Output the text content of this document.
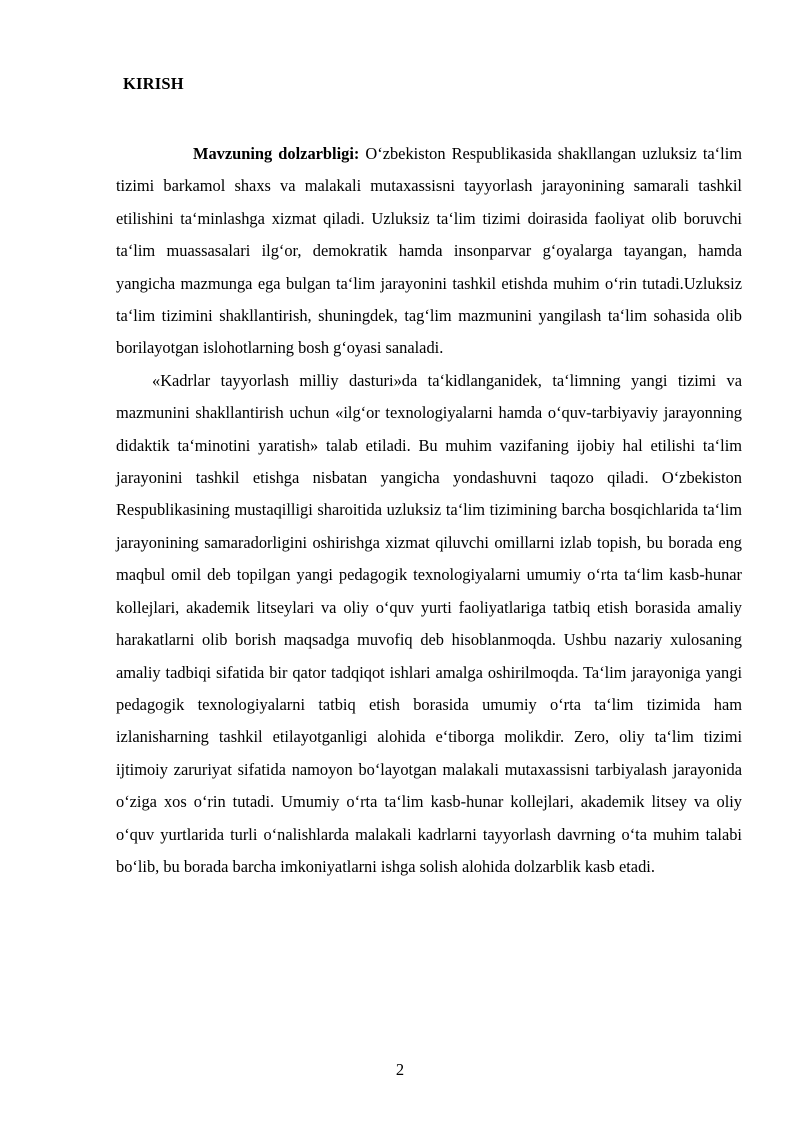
KIRISH

Mavzuning dolzarbligi: O‘zbekiston Respublikasida shakllangan uzluksiz ta‘lim tizimi barkamol shaxs va malakali mutaxassisni tayyorlash jarayonining samarali tashkil etilishini ta‘minlashga xizmat qiladi. Uzluksiz ta‘lim tizimi doirasida faoliyat olib boruvchi ta‘lim muassasalari ilg‘or, demokratik hamda insonparvar g‘oyalarga tayangan, hamda yangicha mazmunga ega bulgan ta‘lim jarayonini tashkil etishda muhim o‘rin tutadi.Uzluksiz ta‘lim tizimini shakllantirish, shuningdek, tag‘lim mazmunini yangilash ta‘lim sohasida olib borilayotgan islohotlarning bosh g‘oyasi sanaladi.

«Kadrlar tayyorlash milliy dasturi»da ta‘kidlanganidek, ta‘limning yangi tizimi va mazmunini shakllantirish uchun «ilg‘or texnologiyalarni hamda o‘quv-tarbiyaviy jarayonning didaktik ta‘minotini yaratish» talab etiladi. Bu muhim vazifaning ijobiy hal etilishi ta‘lim jarayonini tashkil etishga nisbatan yangicha yondashuvni taqozo qiladi. O‘zbekiston Respublikasining mustaqilligi sharoitida uzluksiz ta‘lim tizimining barcha bosqichlarida ta‘lim jarayonining samaradorligini oshirishga xizmat qiluvchi omillarni izlab topish, bu borada eng maqbul omil deb topilgan yangi pedagogik texnologiyalarni umumiy o‘rta ta‘lim kasb-hunar kollejlari, akademik litseylari va oliy o‘quv yurti faoliyatlariga tatbiq etish borasida amaliy harakatlarni olib borish maqsadga muvofiq deb hisoblanmoqda. Ushbu nazariy xulosaning amaliy tadbiqi sifatida bir qator tadqiqot ishlari amalga oshirilmoqda. Ta‘lim jarayoniga yangi pedagogik texnologiyalarni tatbiq etish borasida umumiy o‘rta ta‘lim tizimida ham izlanisharning tashkil etilayotganligi alohida e‘tiborga molikdir. Zero, oliy ta‘lim tizimi ijtimoiy zaruriyat sifatida namoyon bo‘layotgan malakali mutaxassisni tarbiyalash jarayonida o‘ziga xos o‘rin tutadi. Umumiy o‘rta ta‘lim kasb-hunar kollejlari, akademik litsey va oliy o‘quv yurtlarida turli o‘nalishlarda malakali kadrlarni tayyorlash davrning o‘ta muhim talabi bo‘lib, bu borada barcha imkoniyatlarni ishga solish alohida dolzarblik kasb etadi.

2
